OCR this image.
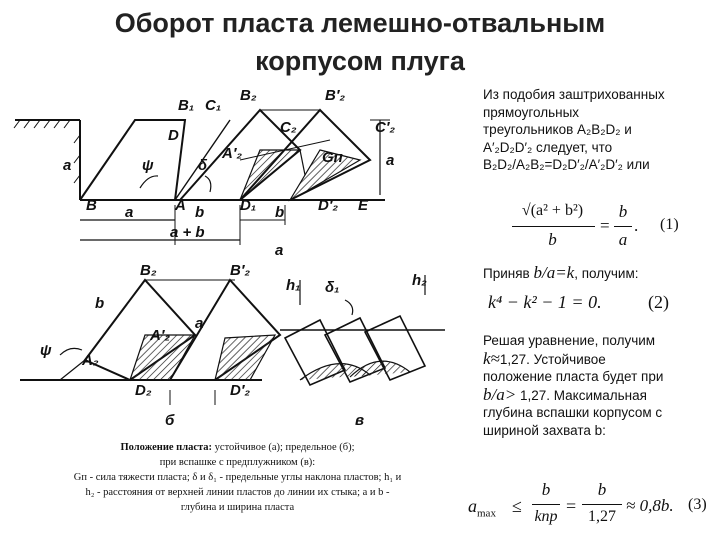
Оборот пласта лемешно-отвальным
корпусом плуга
B₁ C₁
B₂	B′₂
C₂	C′₂
D
A′₂	Gп
ψ	δ
a	a
B a	A b D₁ b D′₂ E
a + b
a
B₂	B′₂
b
A′₂
ψ
A₂
a
D₂	D′₂
б
h₁ δ₁	h₂
в
Положение пласта: устойчивое (а); предельное (б);
при вспашке с предплужником (в):
Gп - сила тяжести пласта; δ и δ₁ - предельные углы наклона пластов; h₁ и
h₂ - расстояния от верхней линии пластов до линии их стыка; a и b -
глубина и ширина пласта
Из подобия заштрихованных
прямоугольных
треугольников A₂B₂D₂ и
A′₂D₂D′₂ следует, что
B₂D₂/A₂B₂=D₂D′₂/A′₂D′₂ или
√(a² + b²)
b
=
b
a
. (1)
Приняв b/a=k, получим:
k⁴ − k² − 1 = 0.	(2)
Решая уравнение, получим
k≈1,27. Устойчивое
положение пласта будет при
b/a> 1,27. Максимальная
глубина вспашки корпусом с
шириной захвата b:
$a_{max}$ ≤
b
kпр
=
b
1,27
≈ 0,8b. (3)
